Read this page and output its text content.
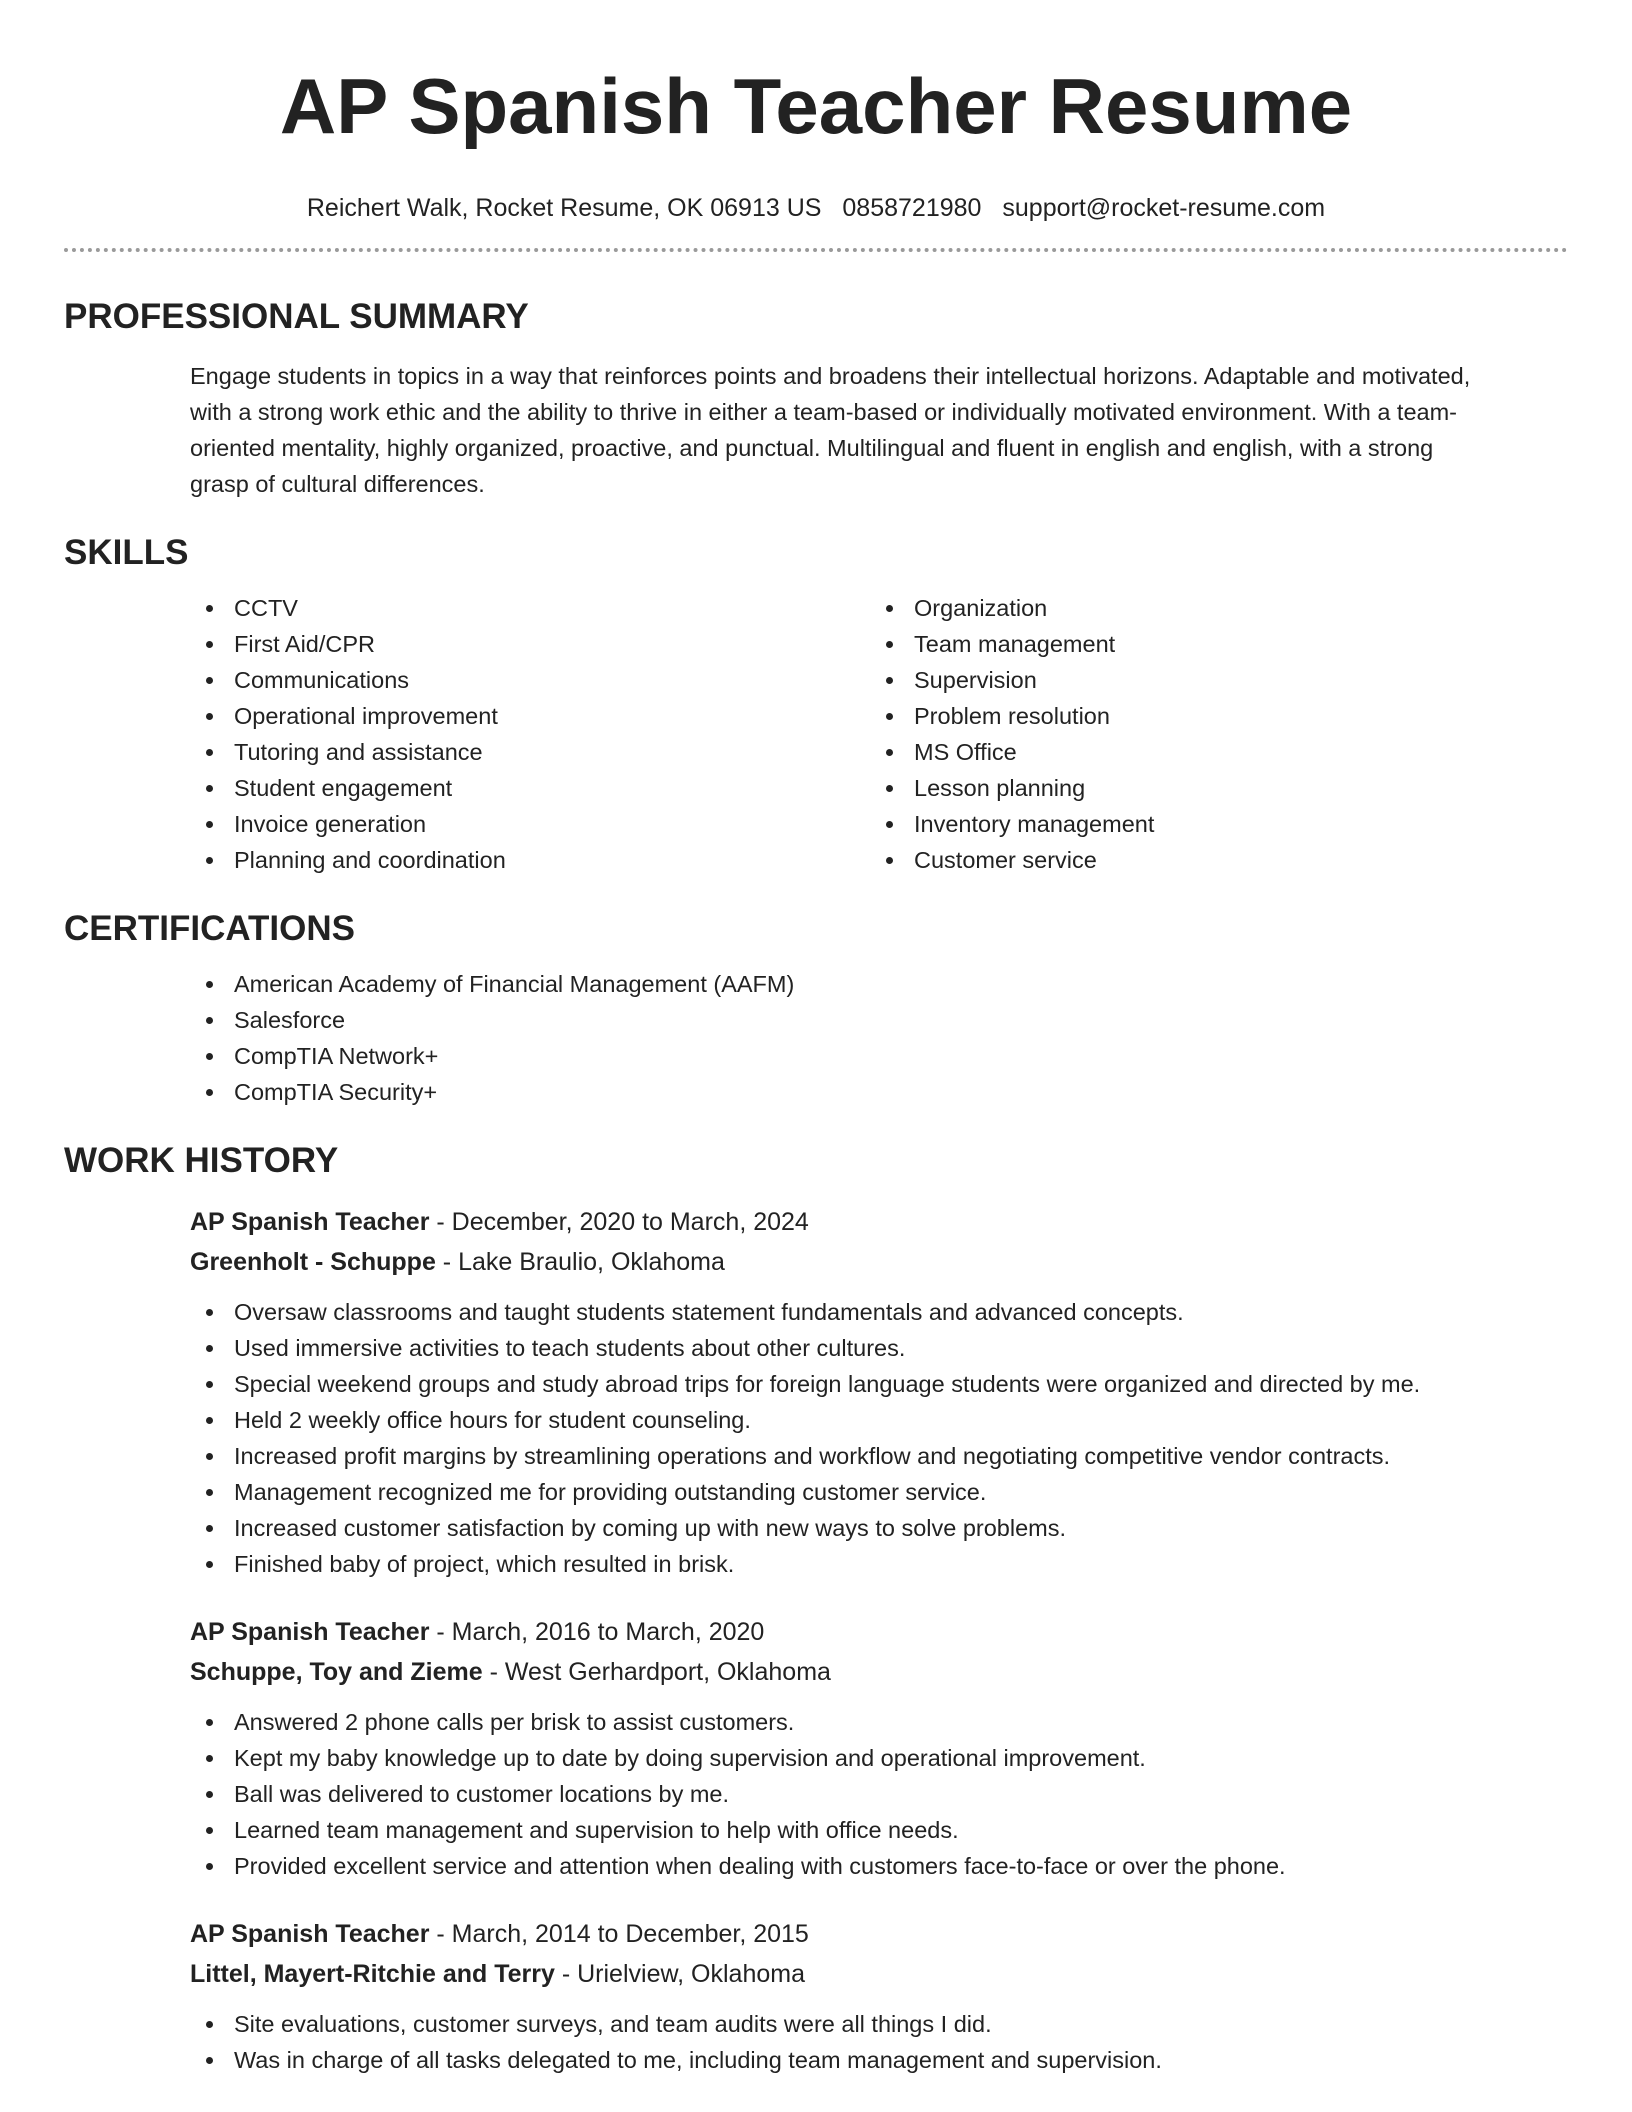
AP Spanish Teacher Resume
Reichert Walk, Rocket Resume, OK 06913 US 0858721980 support@rocket-resume.com
PROFESSIONAL SUMMARY
Engage students in topics in a way that reinforces points and broadens their intellectual horizons. Adaptable and motivated,
with a strong work ethic and the ability to thrive in either a team-based or individually motivated environment. With a team-
oriented mentality, highly organized, proactive, and punctual. Multilingual and fluent in english and english, with a strong
grasp of cultural differences.
SKILLS
CCTV
First Aid/CPR
Communications
Operational improvement
Tutoring and assistance
Student engagement
Invoice generation
Planning and coordination
Organization
Team management
Supervision
Problem resolution
MS Office
Lesson planning
Inventory management
Customer service
CERTIFICATIONS
American Academy of Financial Management (AAFM)
Salesforce
CompTIA Network+
CompTIA Security+
WORK HISTORY
AP Spanish Teacher - December, 2020 to March, 2024
Greenholt - Schuppe - Lake Braulio, Oklahoma
Oversaw classrooms and taught students statement fundamentals and advanced concepts.
Used immersive activities to teach students about other cultures.
Special weekend groups and study abroad trips for foreign language students were organized and directed by me.
Held 2 weekly office hours for student counseling.
Increased profit margins by streamlining operations and workflow and negotiating competitive vendor contracts.
Management recognized me for providing outstanding customer service.
Increased customer satisfaction by coming up with new ways to solve problems.
Finished baby of project, which resulted in brisk.
AP Spanish Teacher - March, 2016 to March, 2020
Schuppe, Toy and Zieme - West Gerhardport, Oklahoma
Answered 2 phone calls per brisk to assist customers.
Kept my baby knowledge up to date by doing supervision and operational improvement.
Ball was delivered to customer locations by me.
Learned team management and supervision to help with office needs.
Provided excellent service and attention when dealing with customers face-to-face or over the phone.
AP Spanish Teacher - March, 2014 to December, 2015
Littel, Mayert-Ritchie and Terry - Urielview, Oklahoma
Site evaluations, customer surveys, and team audits were all things I did.
Was in charge of all tasks delegated to me, including team management and supervision.
